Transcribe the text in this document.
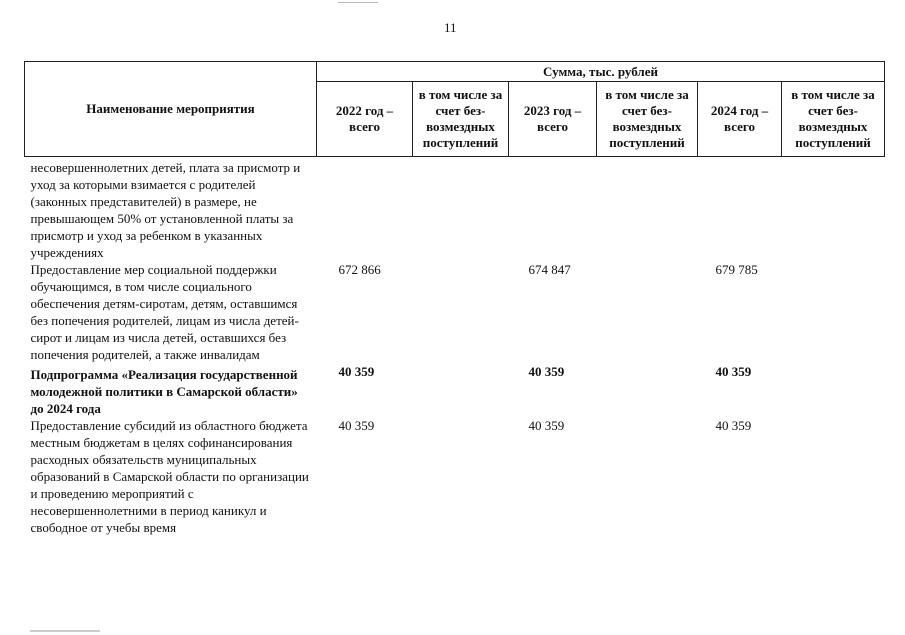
11
Наименование мероприятия	Сумма, тыс. рублей					
	2022 год – всего	в том числе за счет без-возмездных поступлений	2023 год – всего	в том числе за счет без-возмездных поступлений	2024 год – всего	в том числе за счет без-возмездных поступлений

несовершеннолетних детей, плата за присмотр и уход за которыми взимается с родителей (законных представителей) в размере, не превышающем 50% от установленной платы за присмотр и уход за ребенком в указанных учреждениях						
Предоставление мер социальной поддержки обучающимся, в том числе социального обеспечения детям-сиротам, детям, оставшимся без попечения родителей, лицам из числа детей-сирот и лицам из числа детей, оставшихся без попечения родителей, а также инвалидам	672 866		674 847		679 785	
Подпрограмма «Реализация государственной молодежной политики в Самарской области» до 2024 года	40 359		40 359		40 359	
Предоставление субсидий из областного бюджета местным бюджетам в целях софинансирования расходных обязательств муниципальных образований в Самарской области по организации и проведению мероприятий с несовершеннолетними в период каникул и свободное от учебы время	40 359		40 359		40 359	
